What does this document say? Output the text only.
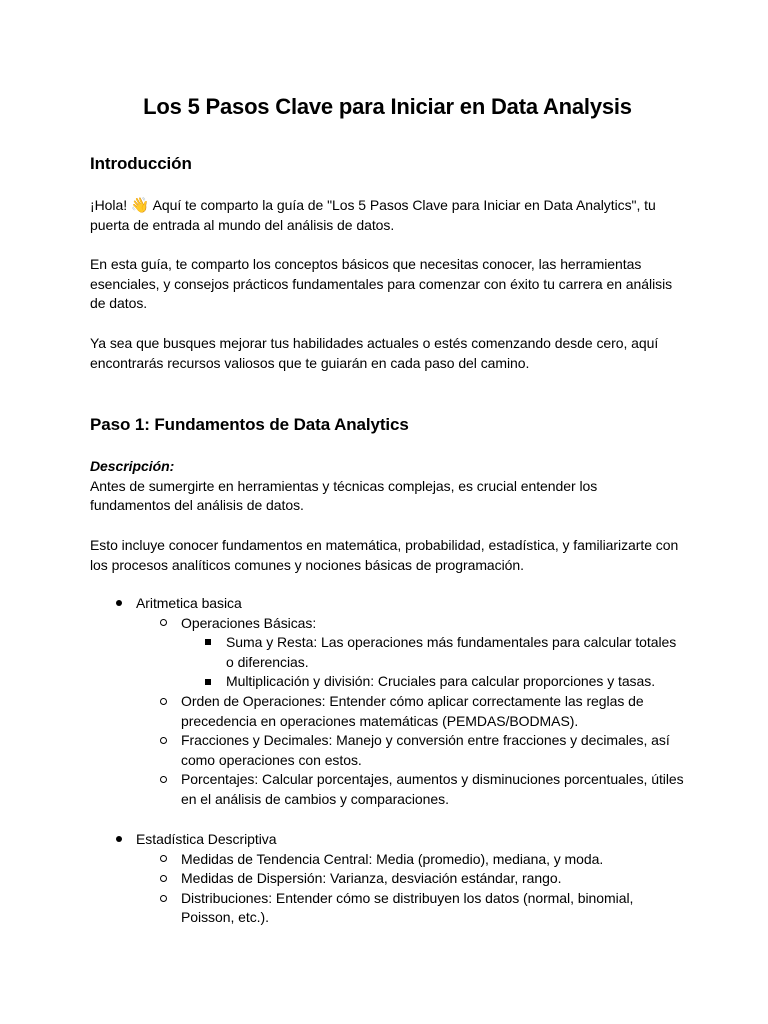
Los 5 Pasos Clave para Iniciar en Data Analysis
Introducción

¡Hola! 👋 Aquí te comparto la guía de "Los 5 Pasos Clave para Iniciar en Data Analytics", tu puerta de entrada al mundo del análisis de datos.

En esta guía, te comparto los conceptos básicos que necesitas conocer, las herramientas esenciales, y consejos prácticos fundamentales para comenzar con éxito tu carrera en análisis de datos.

Ya sea que busques mejorar tus habilidades actuales o estés comenzando desde cero, aquí encontrarás recursos valiosos que te guiarán en cada paso del camino.

Paso 1: Fundamentos de Data Analytics

Descripción:
Antes de sumergirte en herramientas y técnicas complejas, es crucial entender los fundamentos del análisis de datos.

Esto incluye conocer fundamentos en matemática, probabilidad, estadística, y familiarizarte con los procesos analíticos comunes y nociones básicas de programación.

Aritmetica basica
Operaciones Básicas:
Suma y Resta: Las operaciones más fundamentales para calcular totales o diferencias.
Multiplicación y división: Cruciales para calcular proporciones y tasas.
Orden de Operaciones: Entender cómo aplicar correctamente las reglas de precedencia en operaciones matemáticas (PEMDAS/BODMAS).
Fracciones y Decimales: Manejo y conversión entre fracciones y decimales, así como operaciones con estos.
Porcentajes: Calcular porcentajes, aumentos y disminuciones porcentuales, útiles en el análisis de cambios y comparaciones.
Estadística Descriptiva
Medidas de Tendencia Central: Media (promedio), mediana, y moda.
Medidas de Dispersión: Varianza, desviación estándar, rango.
Distribuciones: Entender cómo se distribuyen los datos (normal, binomial, Poisson, etc.).
